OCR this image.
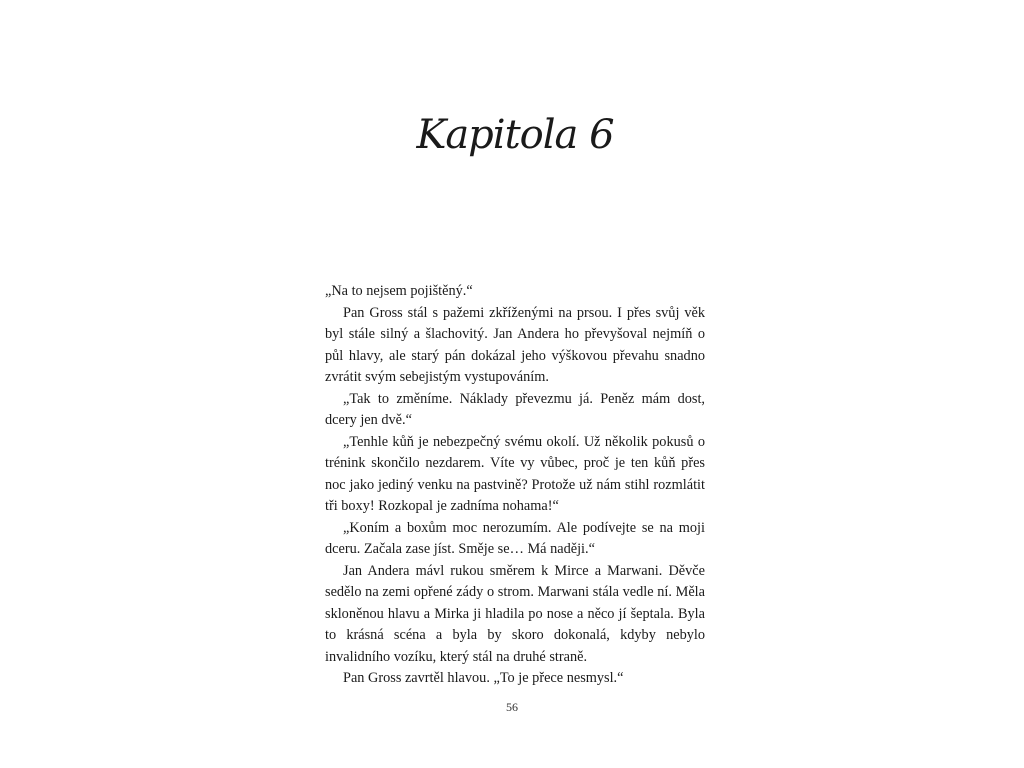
Kapitola 6

„Na to nejsem pojištěný.“

Pan Gross stál s pažemi zkříženými na prsou. I přes svůj věk byl stále silný a šlachovitý. Jan Andera ho převyšoval nejmíň o půl hlavy, ale starý pán dokázal jeho výškovou převahu snadno zvrátit svým sebejistým vystupováním.

„Tak to změníme. Náklady převezmu já. Peněz mám dost, dcery jen dvě.“

„Tenhle kůň je nebezpečný svému okolí. Už několik pokusů o trénink skončilo nezdarem. Víte vy vůbec, proč je ten kůň přes noc jako jediný venku na pastvině? Protože už nám stihl rozmlátit tři boxy! Rozkopal je zadníma nohama!“

„Koním a boxům moc nerozumím. Ale podívejte se na moji dceru. Začala zase jíst. Směje se… Má naději.“

Jan Andera mávl rukou směrem k Mirce a Marwani. Děvče sedělo na zemi opřené zády o strom. Marwani stála vedle ní. Měla skloněnou hlavu a Mirka ji hladila po nose a něco jí šeptala. Byla to krásná scéna a byla by skoro dokonalá, kdyby nebylo invalidního vozíku, který stál na druhé straně.

Pan Gross zavrtěl hlavou. „To je přece nesmysl.“

56
